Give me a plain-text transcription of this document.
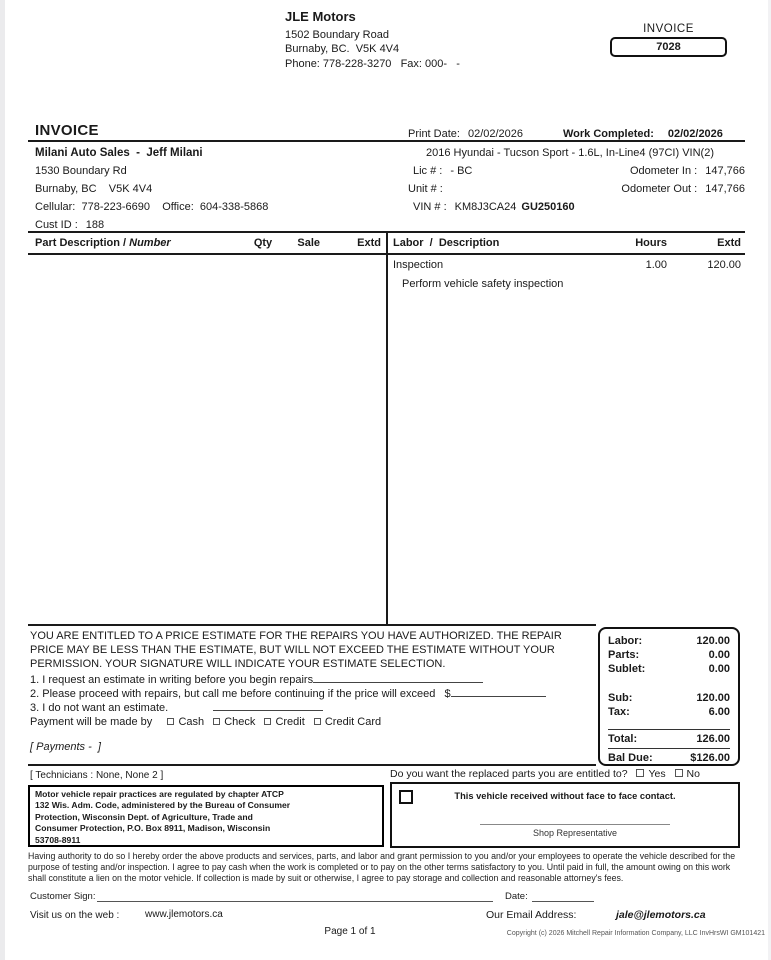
JLE Motors
1502 Boundary Road
Burnaby, BC.  V5K 4V4
Phone: 778-228-3270   Fax: 000-   -
INVOICE
7028
INVOICE	Print Date: 02/02/2026	Work Completed: 02/02/2026
Milani Auto Sales  -  Jeff Milani
1530 Boundary Rd
Burnaby, BC    V5K 4V4
Cellular:  778-223-6690    Office:  604-338-5868
Cust ID : 188
2016 Hyundai - Tucson Sport - 1.6L, In-Line4 (97CI) VIN(2)
Lic # : - BC
Unit # :
VIN # : KM8J3CA24 GU250160
Odometer In : 147,766
Odometer Out : 147,766
Part Description / Number	Qty	Sale	Extd Labor  /  Description	Hours	Extd
Inspection	1.00	120.00
Perform vehicle safety inspection
YOU ARE ENTITLED TO A PRICE ESTIMATE FOR THE REPAIRS YOU HAVE AUTHORIZED. THE REPAIR PRICE MAY BE LESS THAN THE ESTIMATE, BUT WILL NOT EXCEED THE ESTIMATE WITHOUT YOUR PERMISSION. YOUR SIGNATURE WILL INDICATE YOUR ESTIMATE SELECTION.
1. I request an estimate in writing before you begin repairs
2. Please proceed with repairs, but call me before continuing if the price will exceed   $
3. I do not want an estimate.
Payment will be made by   Cash Check Credit Credit Card
[ Payments -  ]
Labor:	120.00
Parts:	0.00
Sublet:	0.00
Sub:	120.00
Tax:	6.00
Total:	126.00
Bal Due:	$126.00
[ Technicians : None, None 2 ]	Do you want the replaced parts you are entitled to? Yes No
Motor vehicle repair practices are regulated by chapter ATCP
132 Wis. Adm. Code, administered by the Bureau of Consumer
Protection, Wisconsin Dept. of Agriculture, Trade and
Consumer Protection, P.O. Box 8911, Madison, Wisconsin
53708-8911
This vehicle received without face to face contact.
Shop Representative
Having authority to do so I hereby order the above products and services, parts, and labor and grant permission to you and/or your employees to operate the vehicle described for the purpose of testing and/or inspection. I agree to pay cash when the work is completed or to pay on the other terms satisfactory to you. Until paid in full, the amount owing on this work shall constitute a lien on the motor vehicle. If collection is made by suit or otherwise, I agree to pay storage and collection and reasonable attorney's fees.
Customer Sign:	Date:
Visit us on the web :	www.jlemotors.ca	Our Email Address:	jale@jlemotors.ca
Page 1 of 1	Copyright (c) 2026 Mitchell Repair Information Company, LLC InvHrsWI GM101421
